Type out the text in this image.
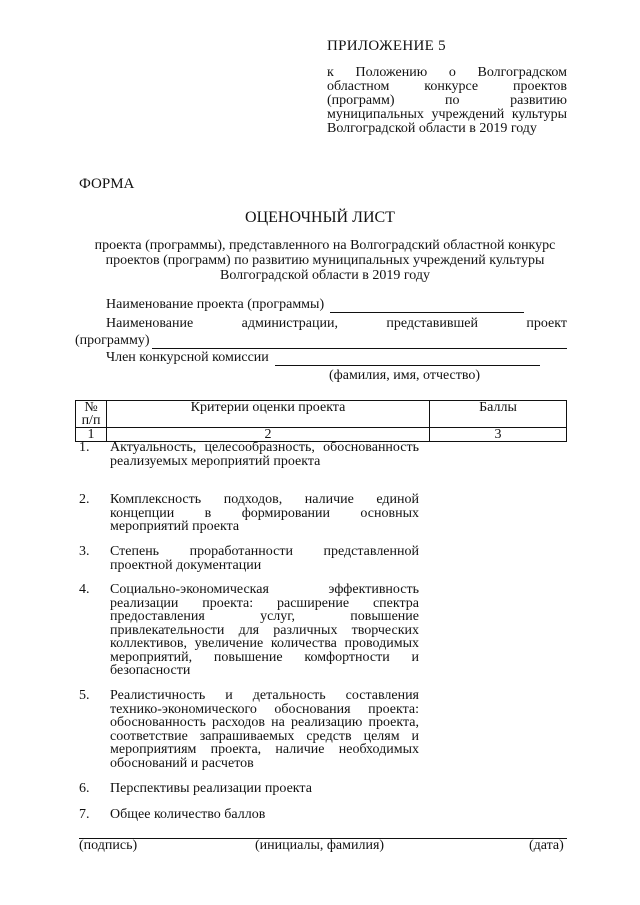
ПРИЛОЖЕНИЕ 5
к Положению о Волгоградском областном конкурсе проектов (программ) по развитию муниципальных учреждений культуры Волгоградской области в 2019 году
ФОРМА
ОЦЕНОЧНЫЙ ЛИСТ
проекта (программы), представленного на Волгоградский областной конкурс проектов (программ) по развитию муниципальных учреждений культуры Волгоградской области в 2019 году
Наименование проекта (программы)
Наименование	администрации,	представившей	проект
(программу)
Член конкурсной комиссии
(фамилия, имя, отчество)
№ п/п	Критерии оценки проекта	Баллы
1	2	3
1.	Актуальность, целесообразность, обоснованность реализуемых мероприятий проекта
2.	Комплексность подходов, наличие единой концепции в формировании основных мероприятий проекта
3.	Степень проработанности представленной проектной документации
4.	Социально-экономическая эффективность реализации проекта: расширение спектра предоставления услуг, повышение привлекательности для различных творческих коллективов, увеличение количества проводимых мероприятий, повышение комфортности и безопасности
5.	Реалистичность и детальность составления технико-экономического обоснования проекта: обоснованность расходов на реализацию проекта, соответствие запрашиваемых средств целям и мероприятиям проекта, наличие необходимых обоснований и расчетов
6.	Перспективы реализации проекта
7.	Общее количество баллов
(подпись)	(инициалы, фамилия)	(дата)
